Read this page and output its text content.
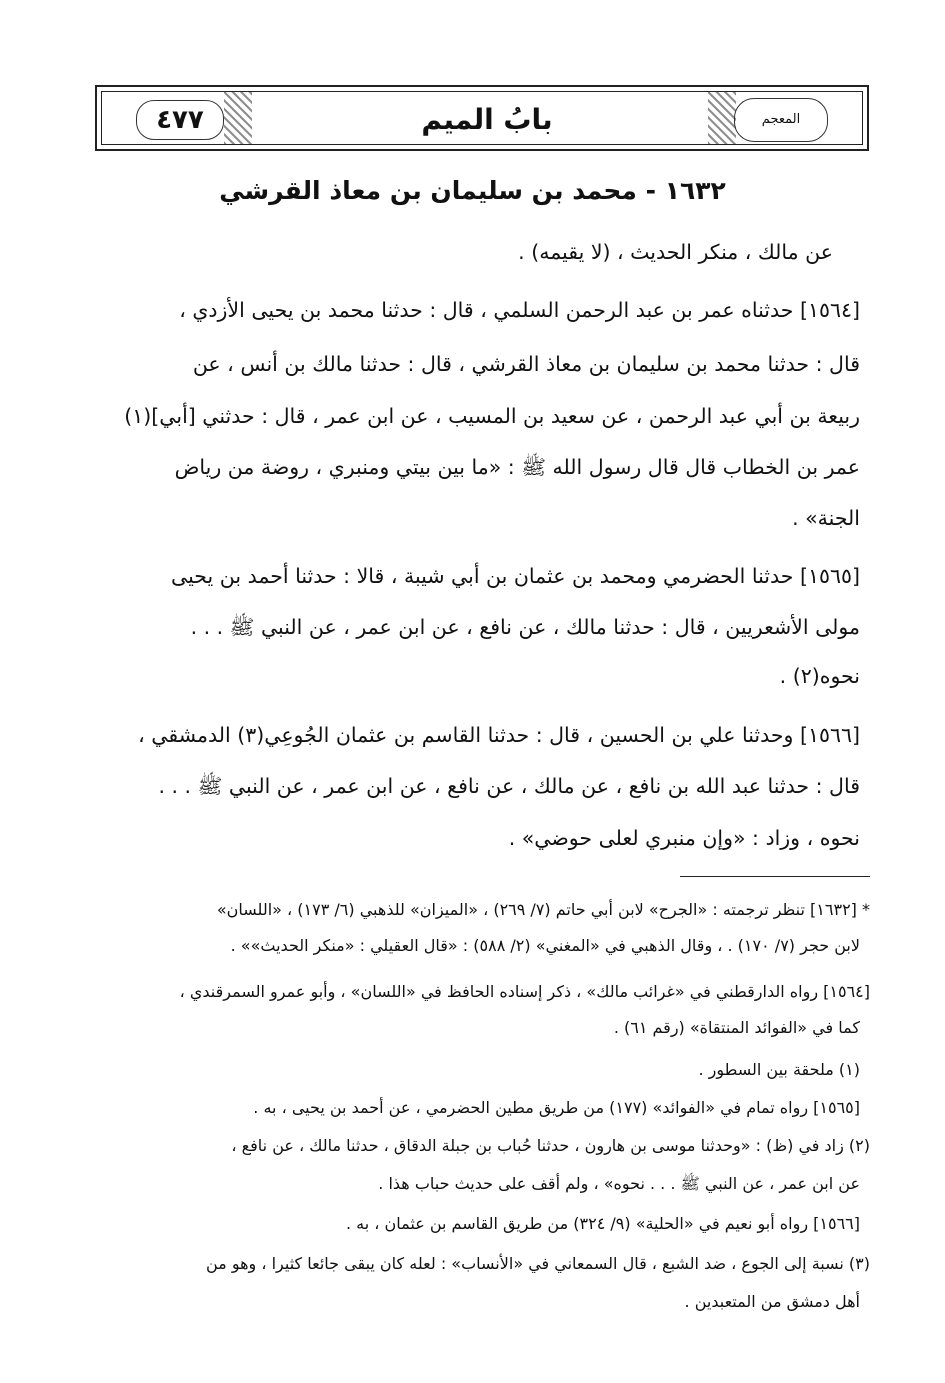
٤٧٧	بابُ الميم	المعجم
١٦٣٢ - محمد بن سليمان بن معاذ القرشي
عن مالك ، منكر الحديث ، (لا يقيمه) .
[١٥٦٤] حدثناه عمر بن عبد الرحمن السلمي ، قال : حدثنا محمد بن يحيى الأزدي ،
قال : حدثنا محمد بن سليمان بن معاذ القرشي ، قال : حدثنا مالك بن أنس ، عن
ربيعة بن أبي عبد الرحمن ، عن سعيد بن المسيب ، عن ابن عمر ، قال : حدثني [أبي](١)
عمر بن الخطاب قال قال رسول الله ﷺ : «ما بين بيتي ومنبري ، روضة من رياض
الجنة» .
[١٥٦٥] حدثنا الحضرمي ومحمد بن عثمان بن أبي شيبة ، قالا : حدثنا أحمد بن يحيى
مولى الأشعريين ، قال : حدثنا مالك ، عن نافع ، عن ابن عمر ، عن النبي ﷺ . . .
نحوه(٢) .
[١٥٦٦] وحدثنا علي بن الحسين ، قال : حدثنا القاسم بن عثمان الجُوعِي(٣) الدمشقي ،
قال : حدثنا عبد الله بن نافع ، عن مالك ، عن نافع ، عن ابن عمر ، عن النبي ﷺ . . .
نحوه ، وزاد : «وإن منبري لعلى حوضي» .
* [١٦٣٢] تنظر ترجمته : «الجرح» لابن أبي حاتم (٧/ ٢٦٩) ، «الميزان» للذهبي (٦/ ١٧٣) ، «اللسان»
لابن حجر (٧/ ١٧٠) . ، وقال الذهبي في «المغني» (٢/ ٥٨٨) : «قال العقيلي : «منكر الحديث»» .
[١٥٦٤] رواه الدارقطني في «غرائب مالك» ، ذكر إسناده الحافظ في «اللسان» ، وأبو عمرو السمرقندي ،
كما في «الفوائد المنتقاة» (رقم ٦١) .
(١) ملحقة بين السطور .
[١٥٦٥] رواه تمام في «الفوائد» (١٧٧) من طريق مطين الحضرمي ، عن أحمد بن يحيى ، به .
(٢) زاد في (ظ) : «وحدثنا موسى بن هارون ، حدثنا حُباب بن جبلة الدقاق ، حدثنا مالك ، عن نافع ،
عن ابن عمر ، عن النبي ﷺ . . . نحوه» ، ولم أقف على حديث حباب هذا .
[١٥٦٦] رواه أبو نعيم في «الحلية» (٩/ ٣٢٤) من طريق القاسم بن عثمان ، به .
(٣) نسبة إلى الجوع ، ضد الشبع ، قال السمعاني في «الأنساب» : لعله كان يبقى جائعا كثيرا ، وهو من
أهل دمشق من المتعبدين .
